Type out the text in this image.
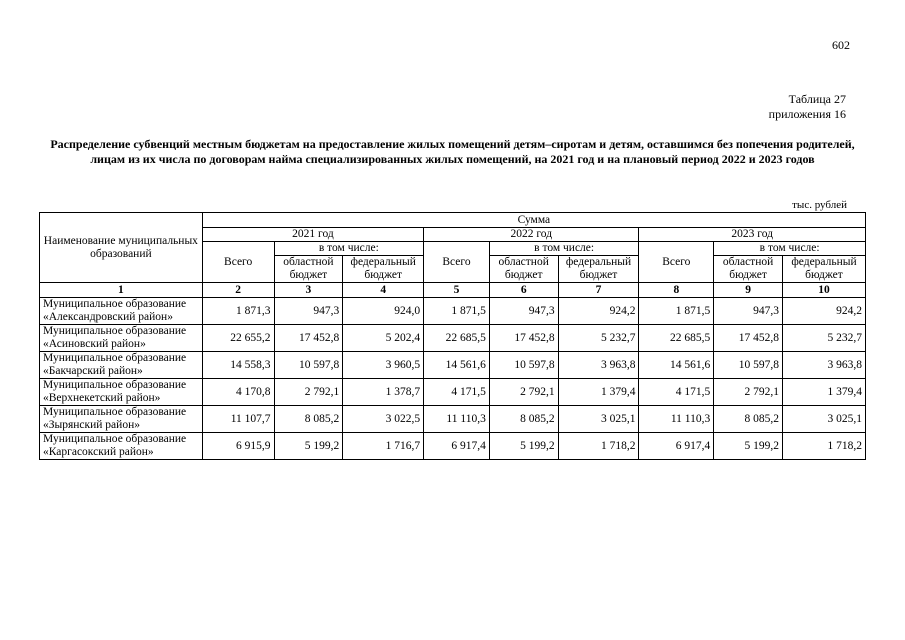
602
Таблица 27
приложения 16
Распределение субвенций местным бюджетам на предоставление жилых помещений детям–сиротам и детям, оставшимся без попечения родителей, лицам из их числа по договорам найма специализированных жилых помещений, на 2021 год и на плановый период 2022 и 2023 годов
тыс. рублей
Наименование муниципальных образований	Сумма								
	2021 год			2022 год			2023 год		
	Всего	в том числе:		Всего	в том числе:		Всего	в том числе:	
		областной бюджет	федеральный бюджет		областной бюджет	федеральный бюджет		областной бюджет	федеральный бюджет
1	2	3	4	5	6	7	8	9	10
Муниципальное образование «Александровский район»	1 871,3	947,3	924,0	1 871,5	947,3	924,2	1 871,5	947,3	924,2
Муниципальное образование «Асиновский район»	22 655,2	17 452,8	5 202,4	22 685,5	17 452,8	5 232,7	22 685,5	17 452,8	5 232,7
Муниципальное образование «Бакчарский район»	14 558,3	10 597,8	3 960,5	14 561,6	10 597,8	3 963,8	14 561,6	10 597,8	3 963,8
Муниципальное образование «Верхнекетский район»	4 170,8	2 792,1	1 378,7	4 171,5	2 792,1	1 379,4	4 171,5	2 792,1	1 379,4
Муниципальное образование «Зырянский район»	11 107,7	8 085,2	3 022,5	11 110,3	8 085,2	3 025,1	11 110,3	8 085,2	3 025,1
Муниципальное образование «Каргасокский район»	6 915,9	5 199,2	1 716,7	6 917,4	5 199,2	1 718,2	6 917,4	5 199,2	1 718,2
